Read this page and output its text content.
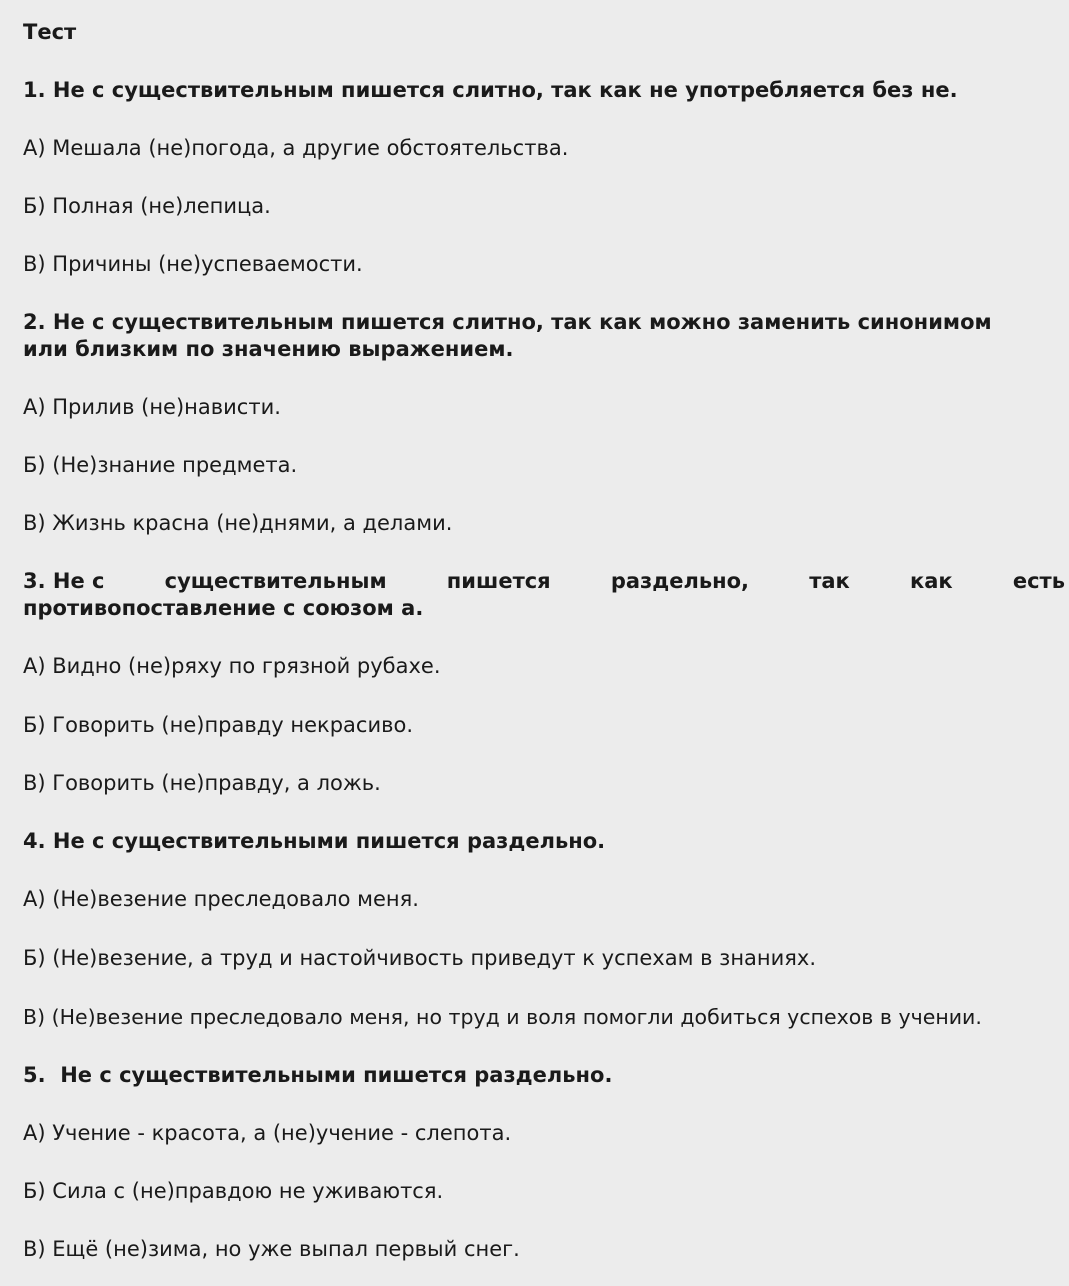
Тест
1. Не с существительным пишется слитно, так как не употребляется без не.
А) Мешала (не)погода, а другие обстоятельства.
Б) Полная (не)лепица.
В) Причины (не)успеваемости.
2. Не с существительным пишется слитно, так как можно заменить синонимом
или близким по значению выражением.
А) Прилив (не)нависти.
Б) (Не)знание предмета.
В) Жизнь красна (не)днями, а делами.
3. Не с	существительным	пишется	раздельно,	так	как	есть
противопоставление с союзом а.
А) Видно (не)ряху по грязной рубахе.
Б) Говорить (не)правду некрасиво.
В) Говорить (не)правду, а ложь.
4. Не с существительными пишется раздельно.
А) (Не)везение преследовало меня.
Б) (Не)везение, а труд и настойчивость приведут к успехам в знаниях.
В) (Не)везение преследовало меня, но труд и воля помогли добиться успехов в учении.
5. Не с существительными пишется раздельно.
А) Учение - красота, а (не)учение - слепота.
Б) Сила с (не)правдою не уживаются.
В) Ещё (не)зима, но уже выпал первый снег.
